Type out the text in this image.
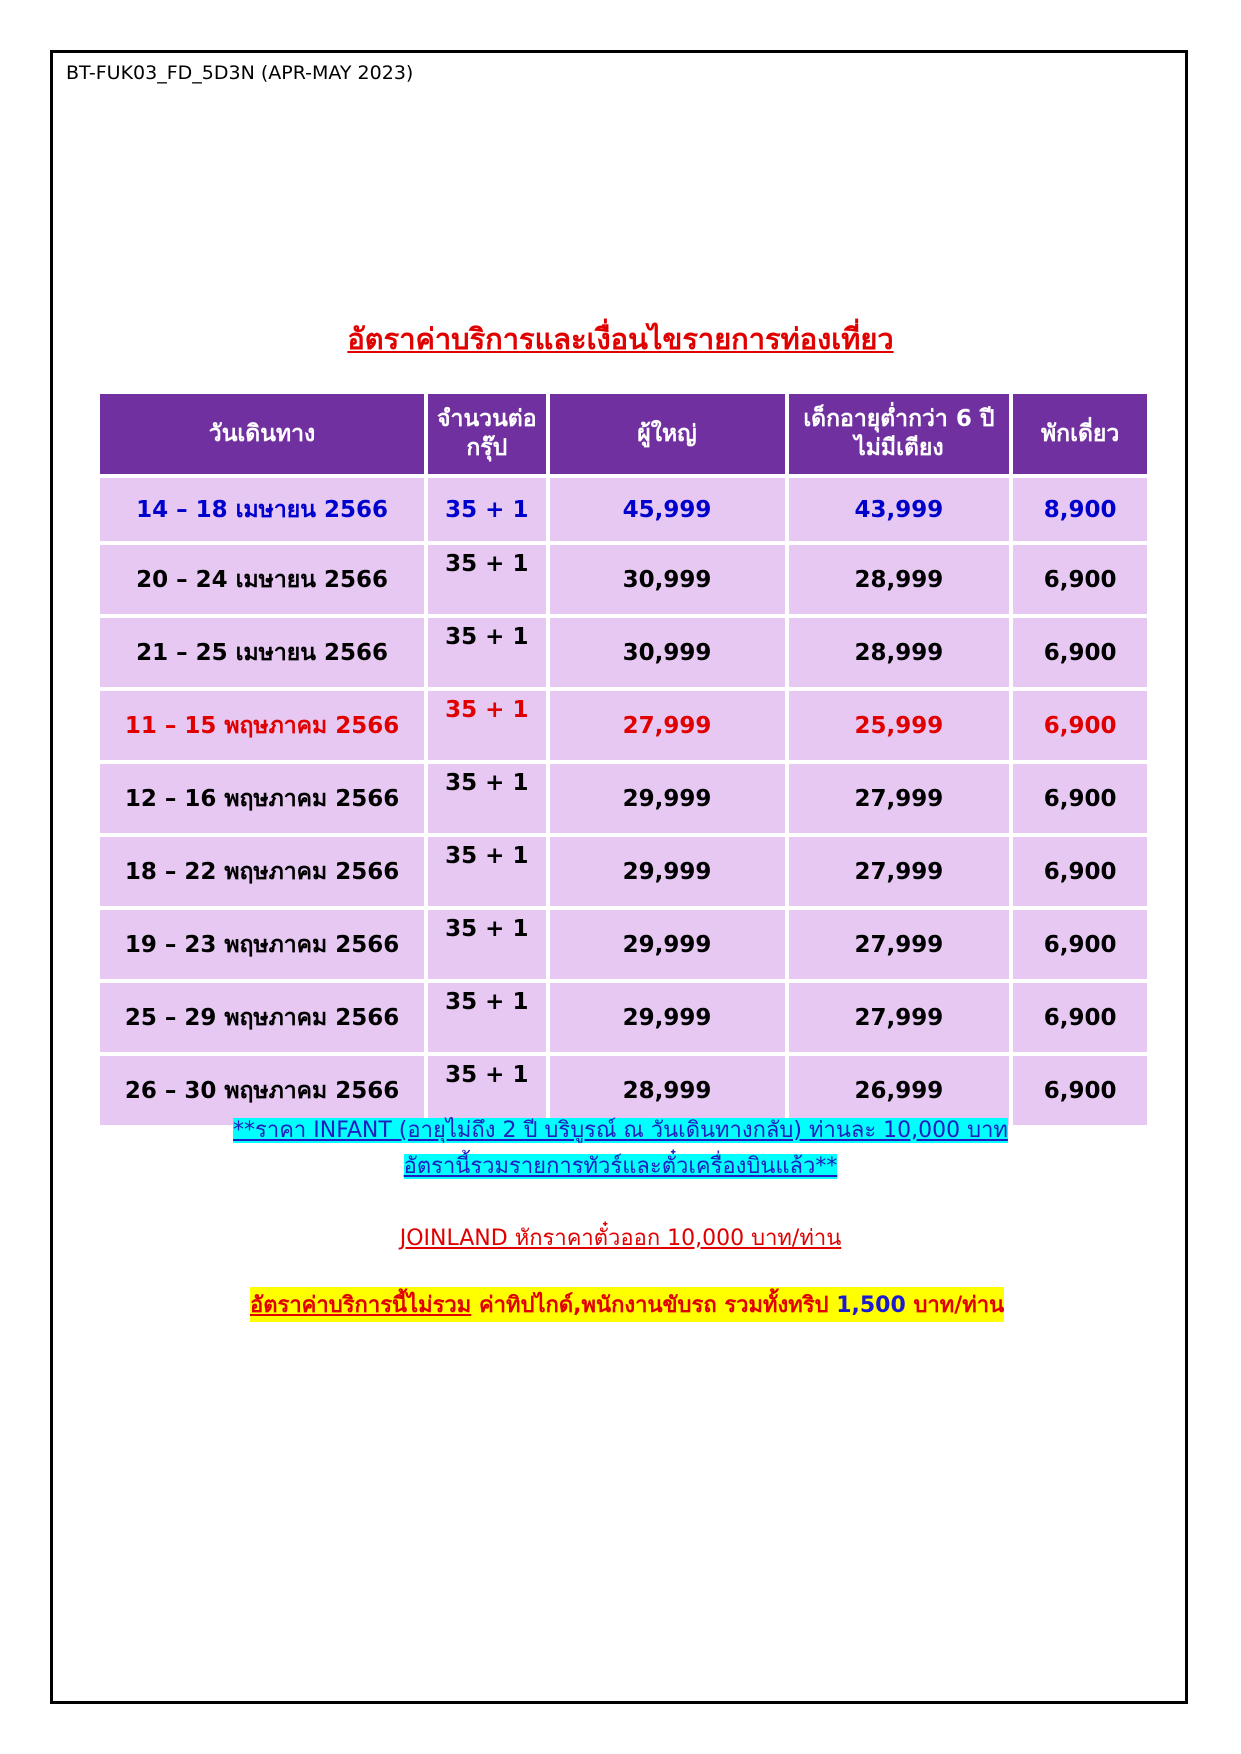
BT-FUK03_FD_5D3N (APR-MAY 2023)
อัตราค่าบริการและเงื่อนไขรายการท่องเที่ยว
วันเดินทาง	จำนวนต่อ กรุ๊ป	ผู้ใหญ่	เด็กอายุต่ำกว่า 6 ปี ไม่มีเตียง	พักเดี่ยว
14 – 18 เมษายน 2566	35 + 1	45,999	43,999	8,900
20 – 24 เมษายน 2566	35 + 1	30,999	28,999	6,900
21 – 25 เมษายน 2566	35 + 1	30,999	28,999	6,900
11 – 15 พฤษภาคม 2566	35 + 1	27,999	25,999	6,900
12 – 16 พฤษภาคม 2566	35 + 1	29,999	27,999	6,900
18 – 22 พฤษภาคม 2566	35 + 1	29,999	27,999	6,900
19 – 23 พฤษภาคม 2566	35 + 1	29,999	27,999	6,900
25 – 29 พฤษภาคม 2566	35 + 1	29,999	27,999	6,900
26 – 30 พฤษภาคม 2566	35 + 1	28,999	26,999	6,900
**ราคา INFANT (อายุไม่ถึง 2 ปี บริบูรณ์ ณ วันเดินทางกลับ) ท่านละ 10,000 บาท
อัตรานี้รวมรายการทัวร์และตั๋วเครื่องบินแล้ว**
JOINLAND หักราคาตั๋วออก 10,000 บาท/ท่าน
อัตราค่าบริการนี้ไม่รวม ค่าทิปไกด์,พนักงานขับรถ รวมทั้งทริป 1,500 บาท/ท่าน
